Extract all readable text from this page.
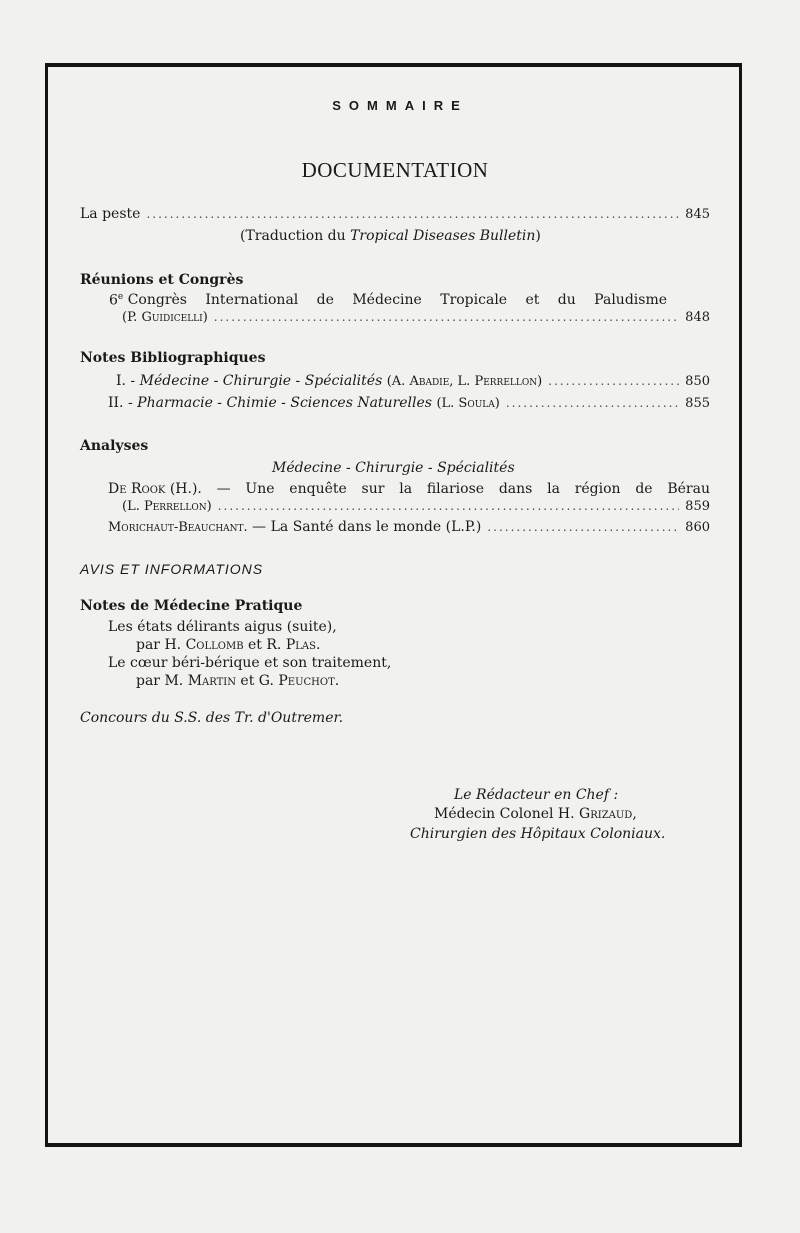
SOMMAIRE
DOCUMENTATION
La peste .....	845
(Traduction du Tropical Diseases Bulletin)
Réunions et Congrès
6e Congrès International de Médecine Tropicale et du Paludisme
(P. Guidicelli) .....	848
Notes Bibliographiques
I. - Médecine - Chirurgie - Spécialités (A. Abadie, L. Perrellon) .....	850
II. - Pharmacie - Chimie - Sciences Naturelles (L. Soula) .....	855
Analyses
Médecine - Chirurgie - Spécialités
De Rook
(H.). — Une enquête sur la filariose dans la région de Bérau
(L. Perrellon) .....	859
Morichaut-Beauchant. — La Santé dans le monde (L.P.) .....	860
AVIS ET INFORMATIONS
Notes de Médecine Pratique
Les états délirants aigus (suite),
par H. Collomb et R. Plas.
Le cœur béri-bérique et son traitement,
par M. Martin et G. Peuchot.
Concours du S.S. des Tr. d'Outremer.
Le Rédacteur en Chef :
Médecin Colonel H. Grizaud,
Chirurgien des Hôpitaux Coloniaux.
